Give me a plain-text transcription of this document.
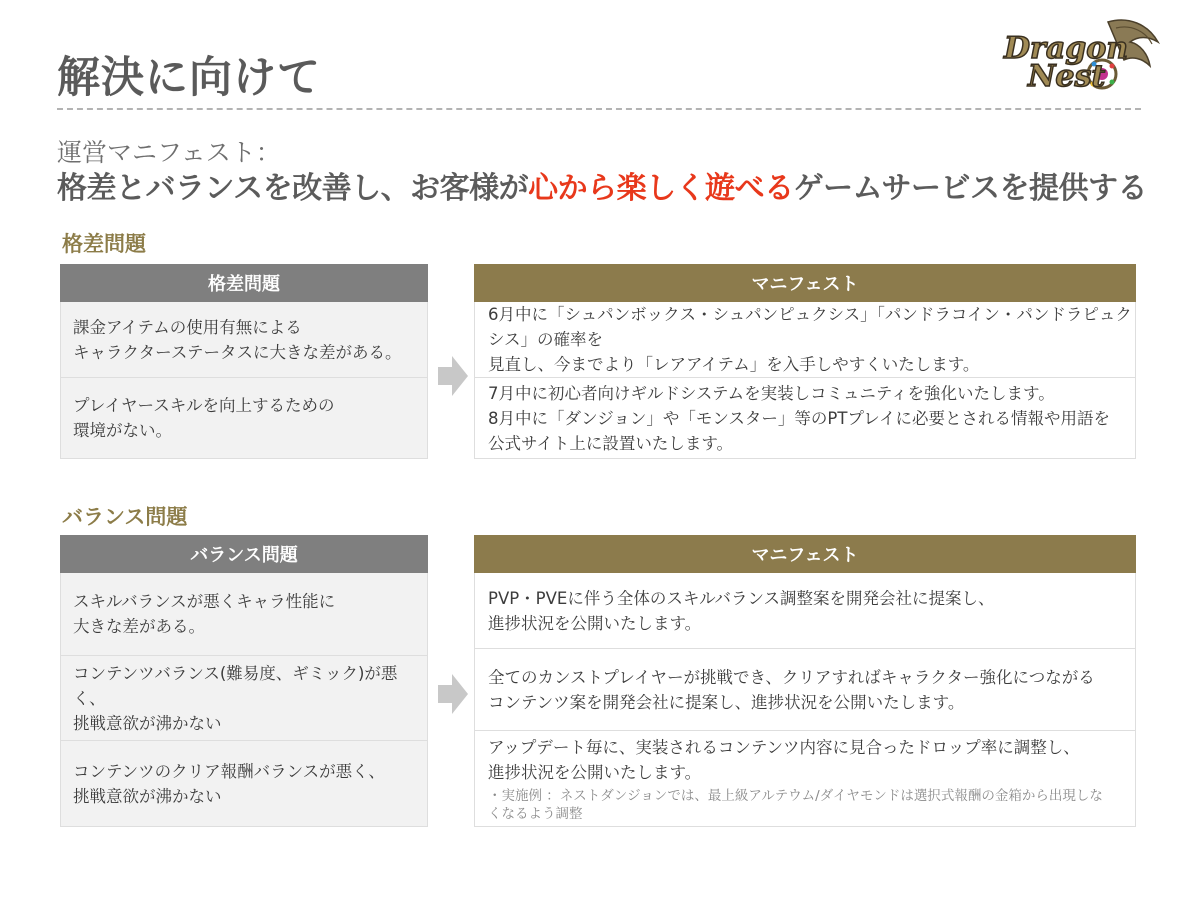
解決に向けて
Dragon
Nest
運営マニフェスト：
格差とバランスを改善し、お客様が心から楽しく遊べるゲームサービスを提供する
格差問題
格差問題
課金アイテムの使用有無による
キャラクターステータスに大きな差がある。
プレイヤースキルを向上するための
環境がない。
マニフェスト
6月中に「シュパンボックス・シュパンピュクシス」「パンドラコイン・パンドラピュクシス」の確率を
見直し、今までより「レアアイテム」を入手しやすくいたします。
7月中に初心者向けギルドシステムを実装しコミュニティを強化いたします。
8月中に「ダンジョン」や「モンスター」等のPTプレイに必要とされる情報や用語を
公式サイト上に設置いたします。
バランス問題
バランス問題
スキルバランスが悪くキャラ性能に
大きな差がある。
コンテンツバランス(難易度、ギミック)が悪く、
挑戦意欲が沸かない
コンテンツのクリア報酬バランスが悪く、
挑戦意欲が沸かない
マニフェスト
PVP・PVEに伴う全体のスキルバランス調整案を開発会社に提案し、
進捗状況を公開いたします。
全てのカンストプレイヤーが挑戦でき、クリアすればキャラクター強化につながる
コンテンツ案を開発会社に提案し、進捗状況を公開いたします。
アップデート毎に、実装されるコンテンツ内容に見合ったドロップ率に調整し、
進捗状況を公開いたします。
・実施例 ：ネストダンジョンでは、最上級アルテウム/ダイヤモンドは選択式報酬の金箱から出現しな
くなるよう調整
